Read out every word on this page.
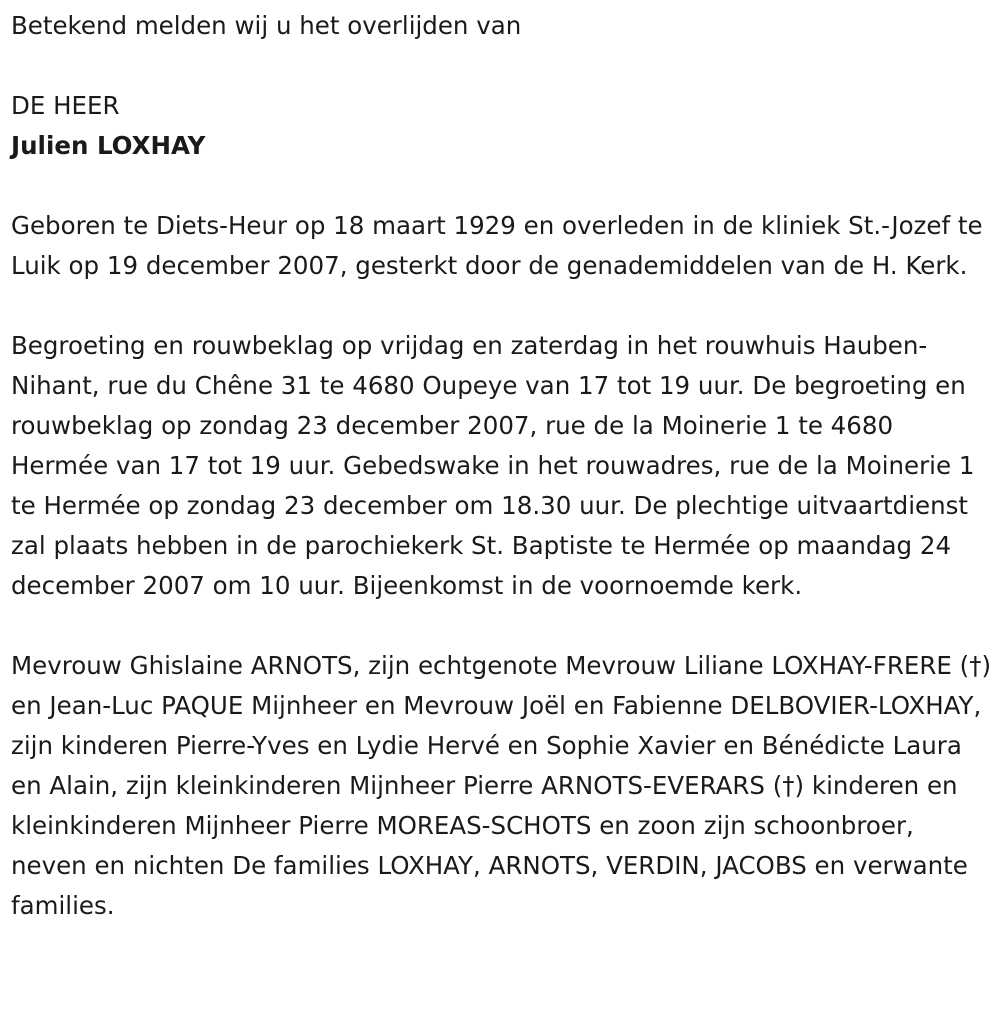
Betekend melden wij u het overlijden van

DE HEER

Julien LOXHAY

Geboren te Diets-Heur op 18 maart 1929 en overleden in de kliniek St.-Jozef te Luik op 19 december 2007, gesterkt door de genademiddelen van de H. Kerk.

Begroeting en rouwbeklag op vrijdag en zaterdag in het rouwhuis Hauben-Nihant, rue du Chêne 31 te 4680 Oupeye van 17 tot 19 uur. De begroeting en rouwbeklag op zondag 23 december 2007, rue de la Moinerie 1 te 4680 Hermée van 17 tot 19 uur. Gebedswake in het rouwadres, rue de la Moinerie 1 te Hermée op zondag 23 december om 18.30 uur. De plechtige uitvaartdienst zal plaats hebben in de parochiekerk St. Baptiste te Hermée op maandag 24 december 2007 om 10 uur. Bijeenkomst in de voornoemde kerk.

Mevrouw Ghislaine ARNOTS, zijn echtgenote Mevrouw Liliane LOXHAY-FRERE (†) en Jean-Luc PAQUE Mijnheer en Mevrouw Joël en Fabienne DELBOVIER-LOXHAY, zijn kinderen Pierre-Yves en Lydie Hervé en Sophie Xavier en Bénédicte Laura en Alain, zijn kleinkinderen Mijnheer Pierre ARNOTS-EVERARS (†) kinderen en kleinkinderen Mijnheer Pierre MOREAS-SCHOTS en zoon zijn schoonbroer, neven en nichten De families LOXHAY, ARNOTS, VERDIN, JACOBS en verwante families.
